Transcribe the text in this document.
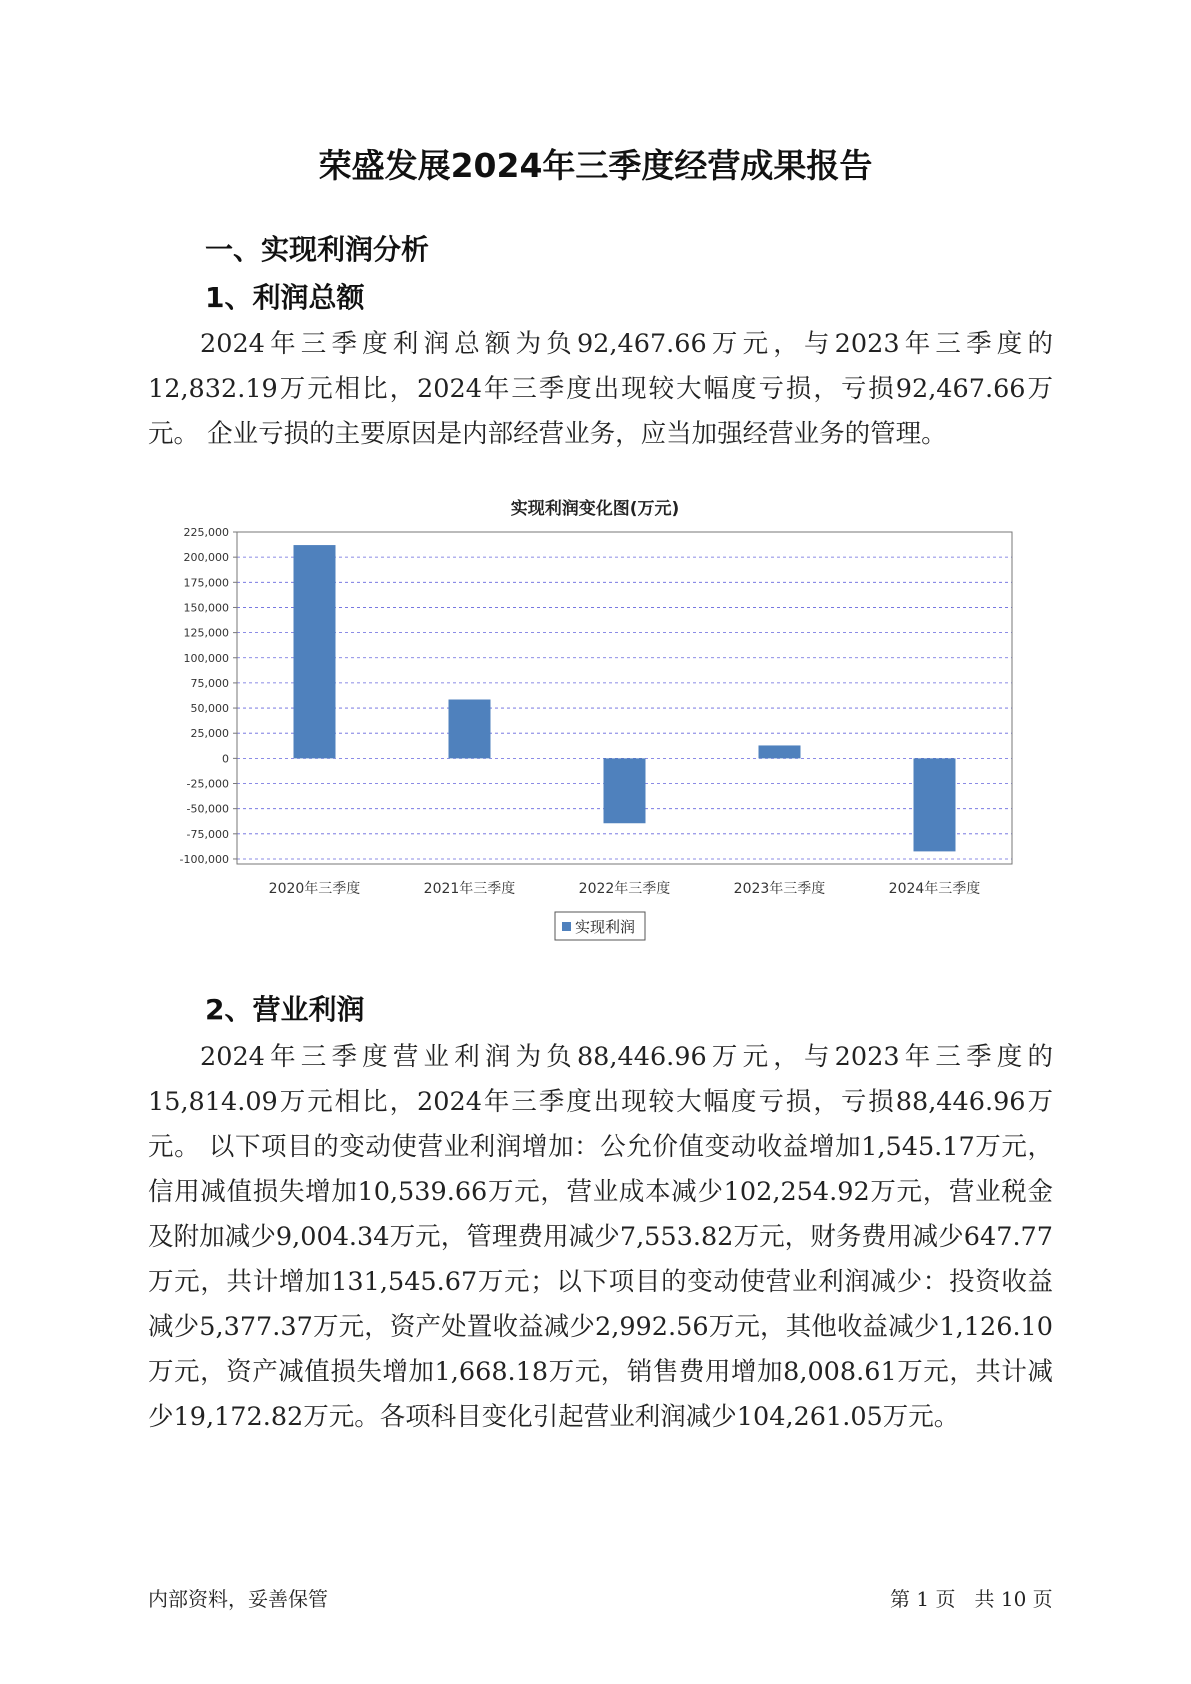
荣盛发展2024年三季度经营成果报告
一、实现利润分析
1、利润总额
2024年三季度利润总额为负92,467.66万元，与2023年三季度的12,832.19万元相比，2024年三季度出现较大幅度亏损，亏损92,467.66万元。 企业亏损的主要原因是内部经营业务，应当加强经营业务的管理。
实现利润变化图(万元)
225,000
200,000
175,000
150,000
125,000
100,000
75,000
50,000
25,000
0
-25,000
-50,000
-75,000
-100,000
2020年三季度	2021年三季度	2022年三季度	2023年三季度	2024年三季度
实现利润
2、营业利润
2024年三季度营业利润为负88,446.96万元，与2023年三季度的15,814.09万元相比，2024年三季度出现较大幅度亏损，亏损88,446.96万元。 以下项目的变动使营业利润增加：公允价值变动收益增加1,545.17万元，信用减值损失增加10,539.66万元，营业成本减少102,254.92万元，营业税金及附加减少9,004.34万元，管理费用减少7,553.82万元，财务费用减少647.77万元，共计增加131,545.67万元；以下项目的变动使营业利润减少：投资收益减少5,377.37万元，资产处置收益减少2,992.56万元，其他收益减少1,126.10万元，资产减值损失增加1,668.18万元，销售费用增加8,008.61万元，共计减少19,172.82万元。各项科目变化引起营业利润减少104,261.05万元。
内部资料，妥善保管	第 1 页   共 10 页
